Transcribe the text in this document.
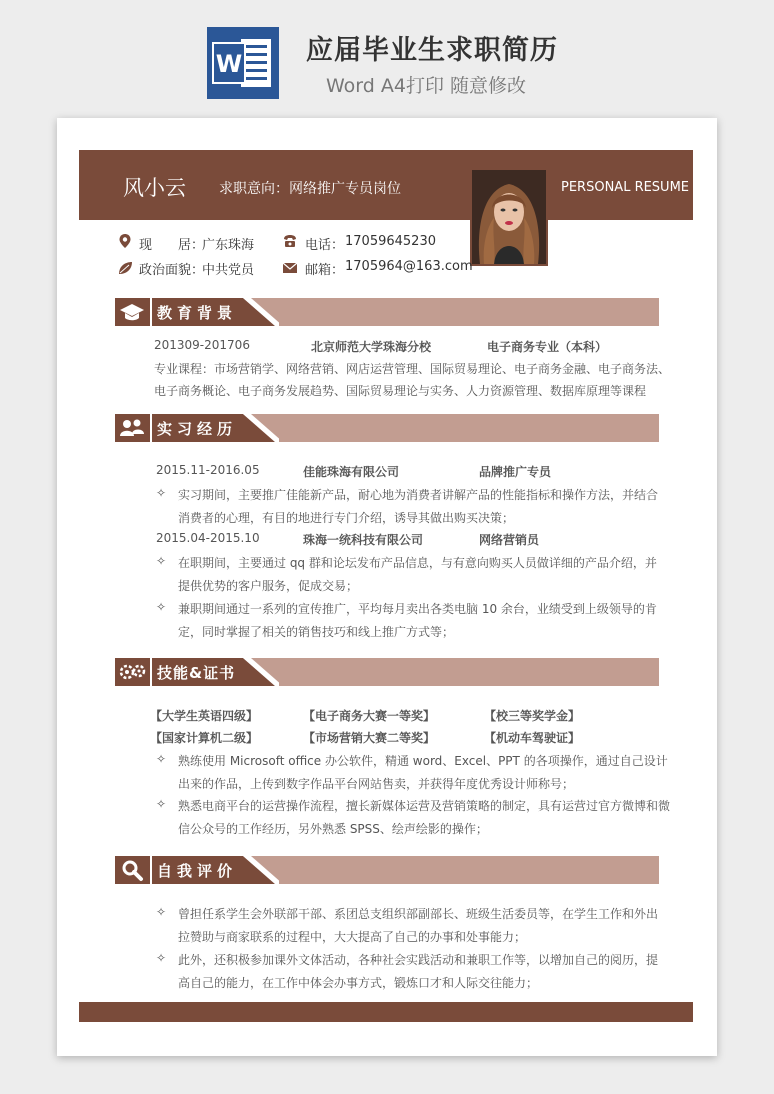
W 应届毕业生求职简历
Word A4打印 随意修改
风小云 求职意向：网络推广专员岗位	PERSONAL RESUME
现　　居：
广东珠海
政治面貌：
中共党员
电话： 17059645230
邮箱： 1705964@163.com
教育背景
201309-201706	北京师范大学珠海分校	电子商务专业（本科）
专业课程：市场营销学、网络营销、网店运营管理、国际贸易理论、电子商务金融、电子商务法、
电子商务概论、电子商务发展趋势、国际贸易理论与实务、人力资源管理、数据库原理等课程
实习经历
2015.11-2016.05	佳能珠海有限公司	品牌推广专员
✧ 实习期间，主要推广佳能新产品，耐心地为消费者讲解产品的性能指标和操作方法，并结合
消费者的心理，有目的地进行专门介绍，诱导其做出购买决策；
2015.04-2015.10	珠海一统科技有限公司	网络营销员
✧ 在职期间，主要通过 qq 群和论坛发布产品信息，与有意向购买人员做详细的产品介绍，并
提供优势的客户服务，促成交易；
✧ 兼职期间通过一系列的宣传推广，平均每月卖出各类电脑 10 余台，业绩受到上级领导的肯
定，同时掌握了相关的销售技巧和线上推广方式等；
技能&证书
【大学生英语四级】	【电子商务大赛一等奖】	【校三等奖学金】
【国家计算机二级】	【市场营销大赛二等奖】	【机动车驾驶证】
✧ 熟练使用 Microsoft office 办公软件，精通 word、Excel、PPT 的各项操作，通过自己设计
出来的作品，上传到数字作品平台网站售卖，并获得年度优秀设计师称号；
✧ 熟悉电商平台的运营操作流程，擅长新媒体运营及营销策略的制定，具有运营过官方微博和微
信公众号的工作经历，另外熟悉 SPSS、绘声绘影的操作；
自我评价
✧ 曾担任系学生会外联部干部、系团总支组织部副部长、班级生活委员等，在学生工作和外出
拉赞助与商家联系的过程中，大大提高了自己的办事和处事能力；
✧ 此外，还积极参加课外文体活动，各种社会实践活动和兼职工作等，以增加自己的阅历，提
高自己的能力，在工作中体会办事方式，锻炼口才和人际交往能力；
